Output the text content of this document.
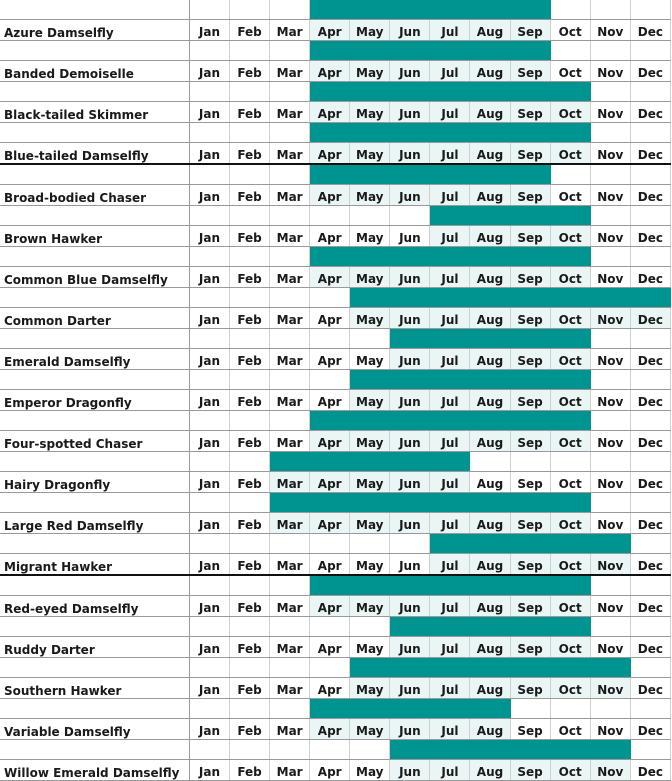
Azure Damselfly	Jan	Feb	Mar	Apr	May	Jun	Jul	Aug	Sep	Oct	Nov	Dec

Banded Demoiselle	Jan	Feb	Mar	Apr	May	Jun	Jul	Aug	Sep	Oct	Nov	Dec

Black-tailed Skimmer	Jan	Feb	Mar	Apr	May	Jun	Jul	Aug	Sep	Oct	Nov	Dec

Blue-tailed Damselfly	Jan	Feb	Mar	Apr	May	Jun	Jul	Aug	Sep	Oct	Nov	Dec

Broad-bodied Chaser	Jan	Feb	Mar	Apr	May	Jun	Jul	Aug	Sep	Oct	Nov	Dec

Brown Hawker	Jan	Feb	Mar	Apr	May	Jun	Jul	Aug	Sep	Oct	Nov	Dec

Common Blue Damselfly	Jan	Feb	Mar	Apr	May	Jun	Jul	Aug	Sep	Oct	Nov	Dec

Common Darter	Jan	Feb	Mar	Apr	May	Jun	Jul	Aug	Sep	Oct	Nov	Dec

Emerald Damselfly	Jan	Feb	Mar	Apr	May	Jun	Jul	Aug	Sep	Oct	Nov	Dec

Emperor Dragonfly	Jan	Feb	Mar	Apr	May	Jun	Jul	Aug	Sep	Oct	Nov	Dec

Four-spotted Chaser	Jan	Feb	Mar	Apr	May	Jun	Jul	Aug	Sep	Oct	Nov	Dec

Hairy Dragonfly	Jan	Feb	Mar	Apr	May	Jun	Jul	Aug	Sep	Oct	Nov	Dec

Large Red Damselfly	Jan	Feb	Mar	Apr	May	Jun	Jul	Aug	Sep	Oct	Nov	Dec

Migrant Hawker	Jan	Feb	Mar	Apr	May	Jun	Jul	Aug	Sep	Oct	Nov	Dec

Red-eyed Damselfly	Jan	Feb	Mar	Apr	May	Jun	Jul	Aug	Sep	Oct	Nov	Dec

Ruddy Darter	Jan	Feb	Mar	Apr	May	Jun	Jul	Aug	Sep	Oct	Nov	Dec

Southern Hawker	Jan	Feb	Mar	Apr	May	Jun	Jul	Aug	Sep	Oct	Nov	Dec

Variable Damselfly	Jan	Feb	Mar	Apr	May	Jun	Jul	Aug	Sep	Oct	Nov	Dec

Willow Emerald Damselfly	Jan	Feb	Mar	Apr	May	Jun	Jul	Aug	Sep	Oct	Nov	Dec
